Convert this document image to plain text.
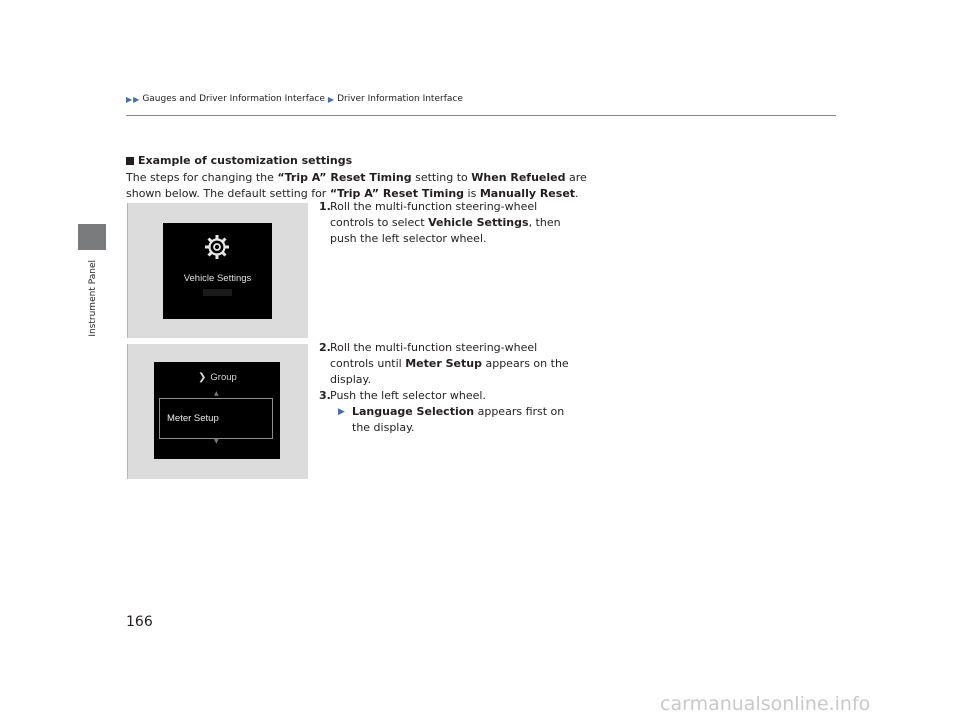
Instrument Panel
▶ ▶ Gauges and Driver Information Interface ▶ Driver Information Interface
Example of customization settings
The steps for changing the “Trip A” Reset Timing setting to When Refueled are
shown below. The default setting for “Trip A” Reset Timing is Manually Reset.
Vehicle Settings
❯ Group
▲
Meter Setup
▼
1. Roll the multi-function steering-wheel
controls to select Vehicle Settings, then
push the left selector wheel.
2. Roll the multi-function steering-wheel
controls until Meter Setup appears on the
display.
3. Push the left selector wheel.
▶ Language Selection appears first on
the display.
166
carmanualsonline.info
